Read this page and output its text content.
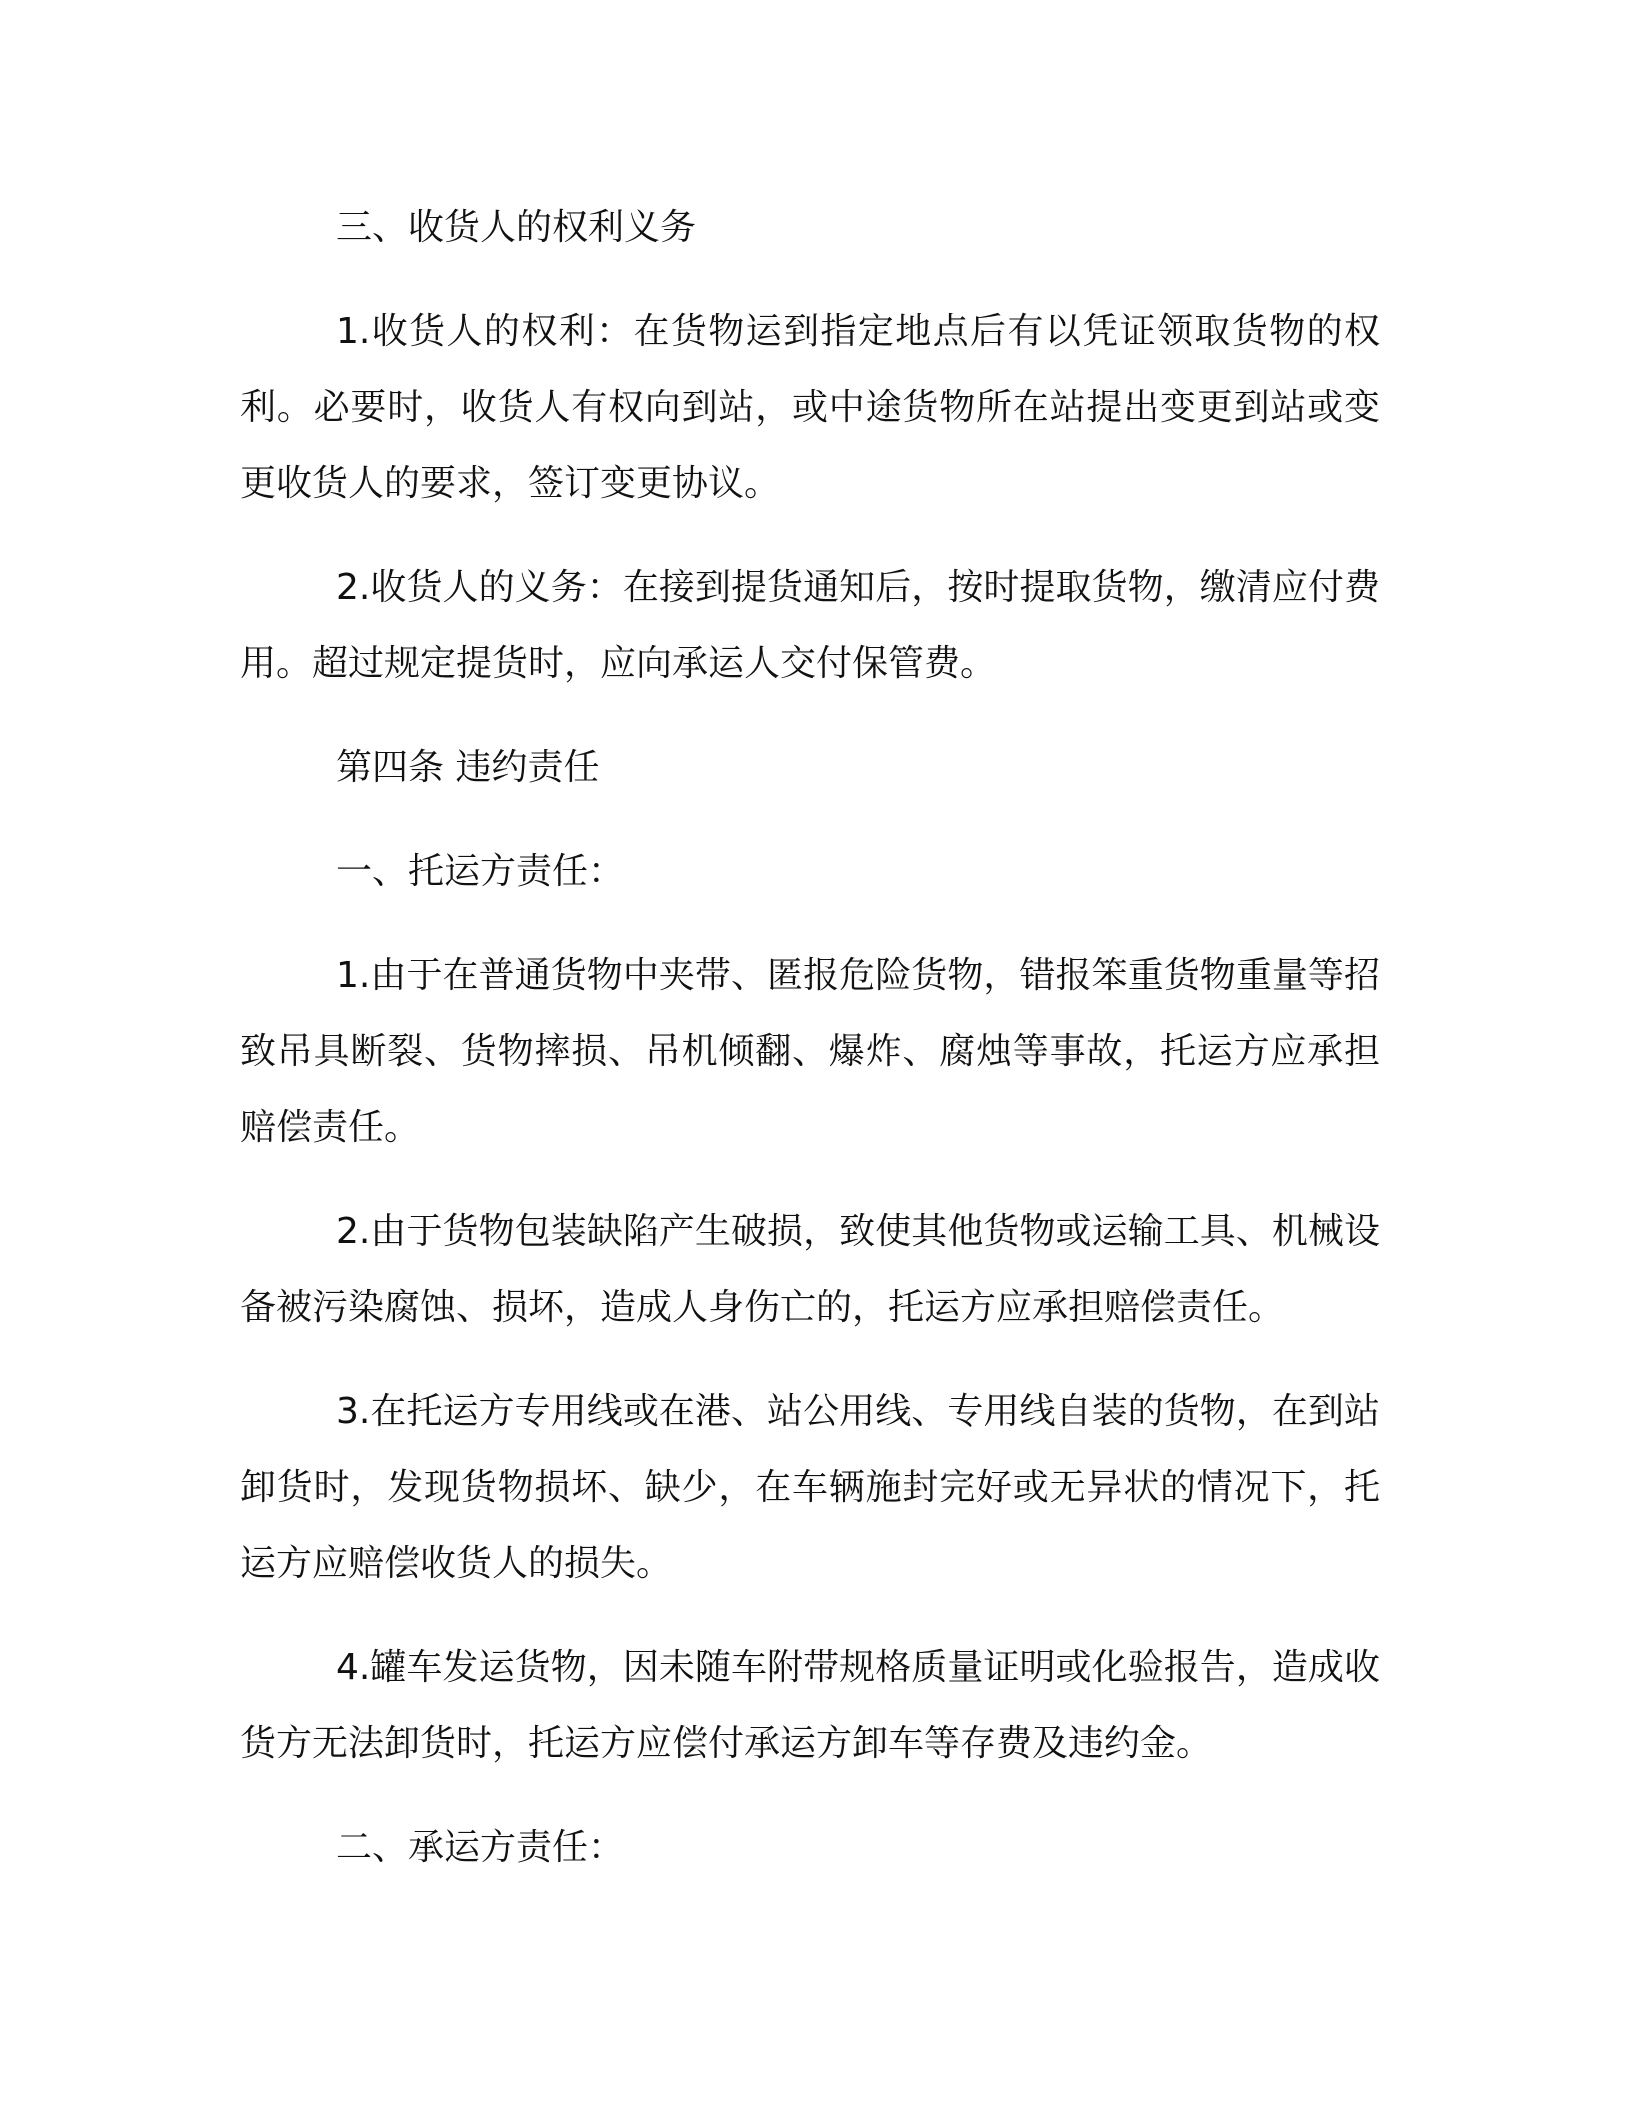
三、收货人的权利义务

1.收货人的权利：在货物运到指定地点后有以凭证领取货物的权利。必要时，收货人有权向到站，或中途货物所在站提出变更到站或变更收货人的要求，签订变更协议。

2.收货人的义务：在接到提货通知后，按时提取货物，缴清应付费用。超过规定提货时，应向承运人交付保管费。

第四条 违约责任

一、托运方责任：

1.由于在普通货物中夹带、匿报危险货物，错报笨重货物重量等招致吊具断裂、货物摔损、吊机倾翻、爆炸、腐烛等事故，托运方应承担赔偿责任。

2.由于货物包装缺陷产生破损，致使其他货物或运输工具、机械设备被污染腐蚀、损坏，造成人身伤亡的，托运方应承担赔偿责任。

3.在托运方专用线或在港、站公用线、专用线自装的货物，在到站卸货时，发现货物损坏、缺少，在车辆施封完好或无异状的情况下，托运方应赔偿收货人的损失。

4.罐车发运货物，因未随车附带规格质量证明或化验报告，造成收货方无法卸货时，托运方应偿付承运方卸车等存费及违约金。

二、承运方责任：
